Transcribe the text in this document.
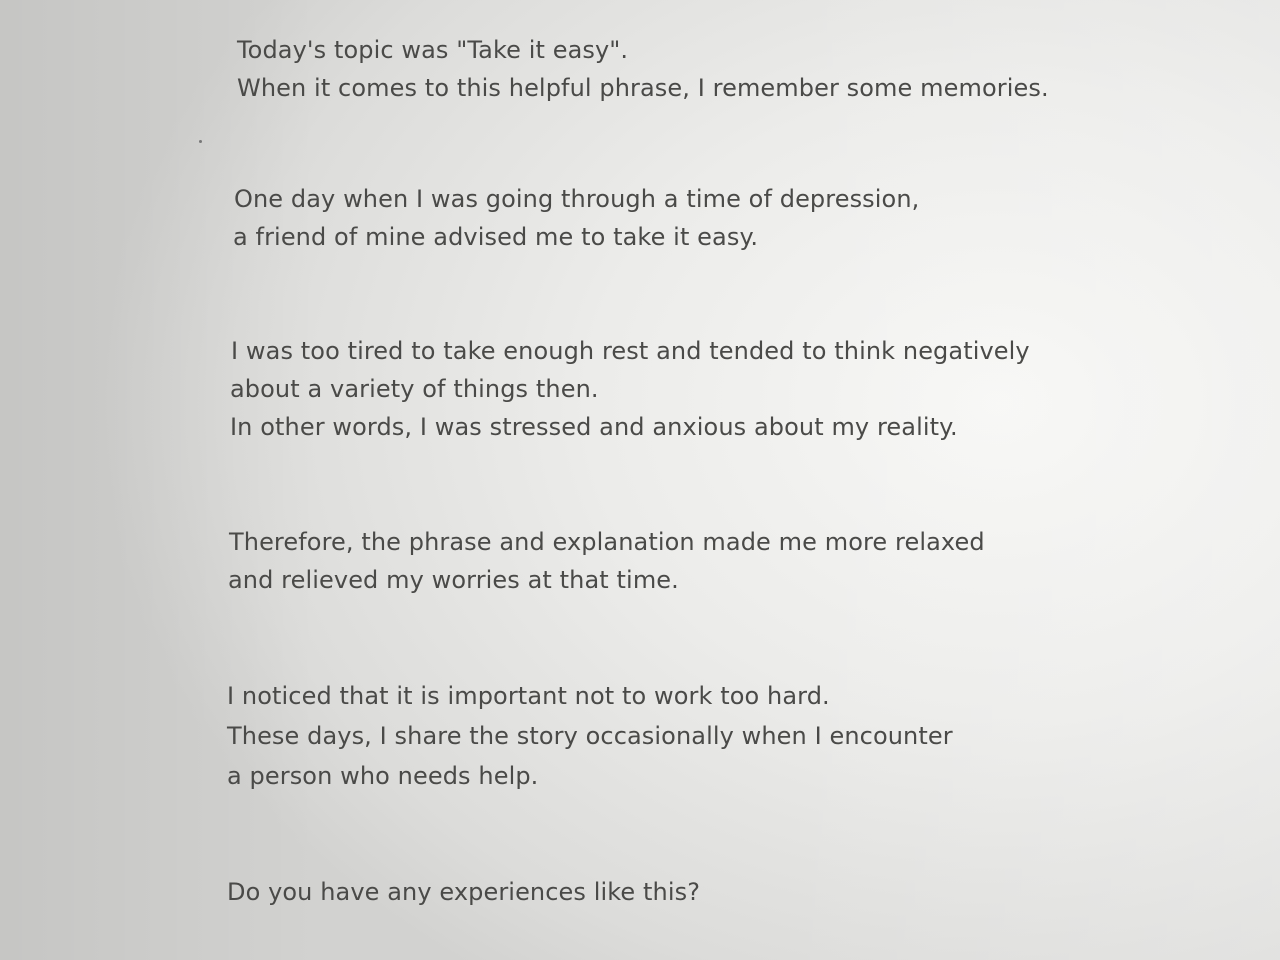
Today's topic was "Take it easy".

When it comes to this helpful phrase, I remember some memories.

One day when I was going through a time of depression,

a friend of mine advised me to take it easy.

I was too tired to take enough rest and tended to think negatively

about a variety of things then.

In other words, I was stressed and anxious about my reality.

Therefore, the phrase and explanation made me more relaxed

and relieved my worries at that time.

I noticed that it is important not to work too hard.

These days, I share the story occasionally when I encounter

a person who needs help.

Do you have any experiences like this?
